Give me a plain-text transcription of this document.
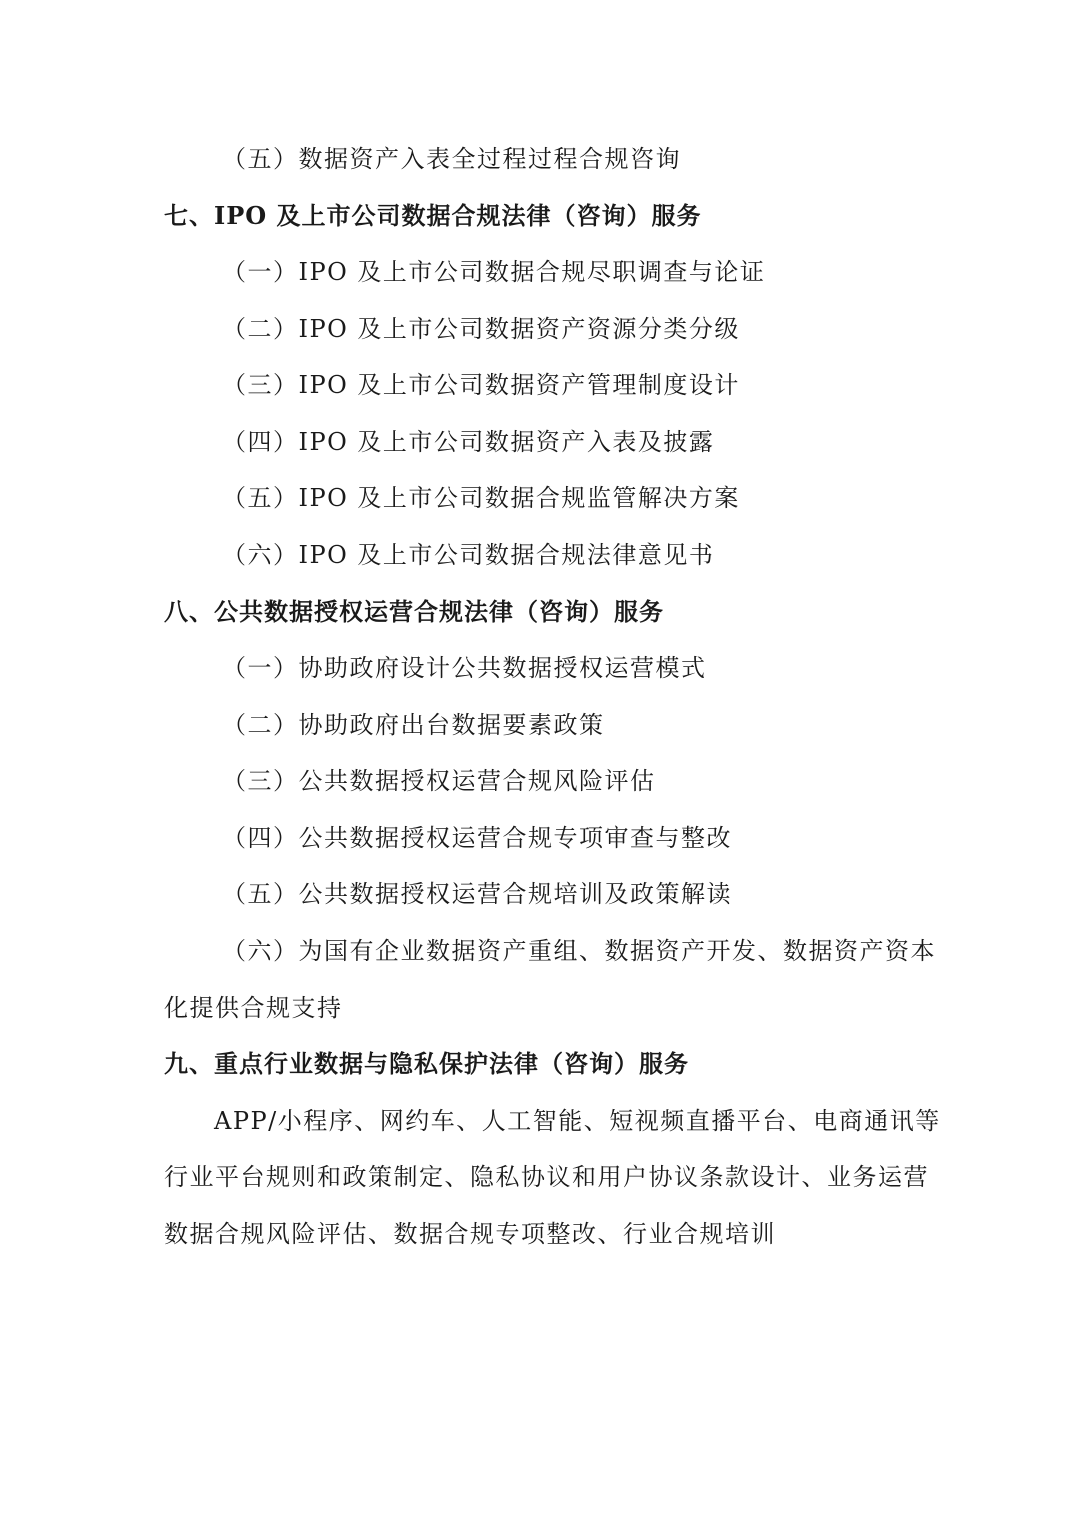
（五）数据资产入表全过程过程合规咨询
七、IPO 及上市公司数据合规法律（咨询）服务
（一）IPO 及上市公司数据合规尽职调查与论证
（二）IPO 及上市公司数据资产资源分类分级
（三）IPO 及上市公司数据资产管理制度设计
（四）IPO 及上市公司数据资产入表及披露
（五）IPO 及上市公司数据合规监管解决方案
（六）IPO 及上市公司数据合规法律意见书
八、公共数据授权运营合规法律（咨询）服务
（一）协助政府设计公共数据授权运营模式
（二）协助政府出台数据要素政策
（三）公共数据授权运营合规风险评估
（四）公共数据授权运营合规专项审查与整改
（五）公共数据授权运营合规培训及政策解读
（六）为国有企业数据资产重组、数据资产开发、数据资产资本
化提供合规支持
九、重点行业数据与隐私保护法律（咨询）服务
APP/小程序、网约车、人工智能、短视频直播平台、电商通讯等
行业平台规则和政策制定、隐私协议和用户协议条款设计、业务运营
数据合规风险评估、数据合规专项整改、行业合规培训
